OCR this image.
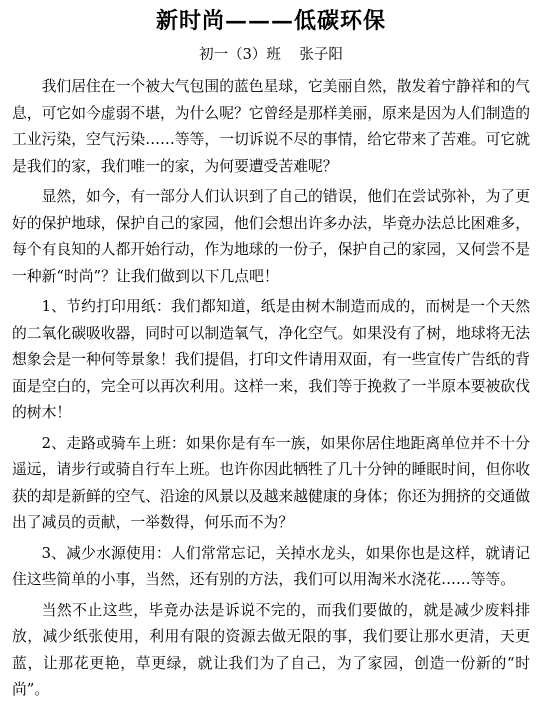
新时尚———低碳环保
初一（3）班    张子阳
我们居住在一个被大气包围的蓝色星球，它美丽自然，散发着宁静祥和的气息，可它如今虚弱不堪，为什么呢？它曾经是那样美丽，原来是因为人们制造的工业污染，空气污染……等等，一切诉说不尽的事情，给它带来了苦难。可它就是我们的家，我们唯一的家，为何要遭受苦难呢？
显然，如今，有一部分人们认识到了自己的错误，他们在尝试弥补，为了更好的保护地球，保护自己的家园，他们会想出许多办法，毕竟办法总比困难多，每个有良知的人都开始行动，作为地球的一份子，保护自己的家园，又何尝不是一种新“时尚”？让我们做到以下几点吧！
1、节约打印用纸：我们都知道，纸是由树木制造而成的，而树是一个天然的二氧化碳吸收器，同时可以制造氧气，净化空气。如果没有了树，地球将无法想象会是一种何等景象！我们提倡，打印文件请用双面，有一些宣传广告纸的背面是空白的，完全可以再次利用。这样一来，我们等于挽救了一半原本要被砍伐的树木！
2、走路或骑车上班：如果你是有车一族，如果你居住地距离单位并不十分遥远，请步行或骑自行车上班。也许你因此牺牲了几十分钟的睡眠时间，但你收获的却是新鲜的空气、沿途的风景以及越来越健康的身体；你还为拥挤的交通做出了减员的贡献，一举数得，何乐而不为？
3、减少水源使用：人们常常忘记，关掉水龙头，如果你也是这样，就请记住这些简单的小事，当然，还有别的方法，我们可以用淘米水浇花……等等。
当然不止这些，毕竟办法是诉说不完的，而我们要做的，就是减少废料排放，减少纸张使用，利用有限的资源去做无限的事，我们要让那水更清，天更蓝，让那花更艳，草更绿，就让我们为了自己，为了家园，创造一份新的“时尚”。
